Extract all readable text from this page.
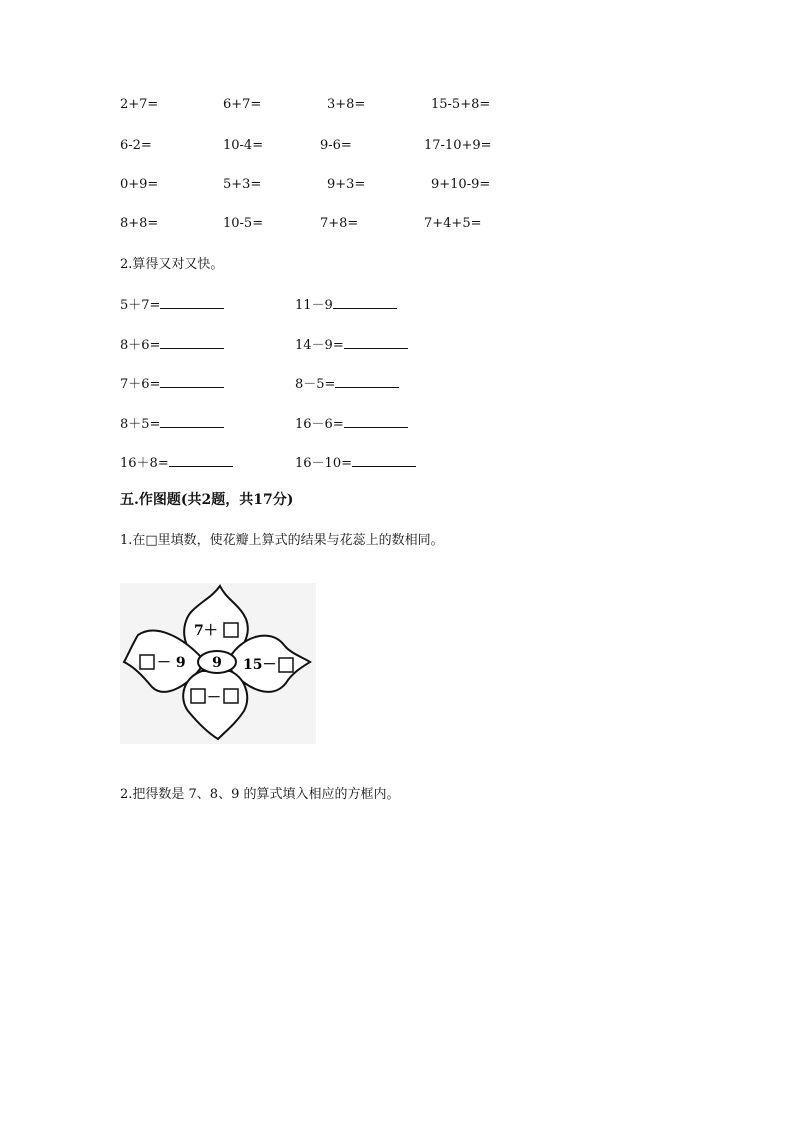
2+7=	6+7=	3+8=	15-5+8=
6-2=	10-4=	9-6=	17-10+9=
0+9=	5+3=	9+3=	9+10-9=
8+8=	10-5=	7+8=	7+4+5=
2.算得又对又快。
5＋7=	11－9
8＋6=	14－9=
7＋6=	8－5=
8＋5=	16－6=
16＋8=	16－10=
五.作图题(共2题，共17分)
1.在□里填数，使花瓣上算式的结果与花蕊上的数相同。
9
7＋
－ 9	15－
－
2.把得数是 7、8、9 的算式填入相应的方框内。
